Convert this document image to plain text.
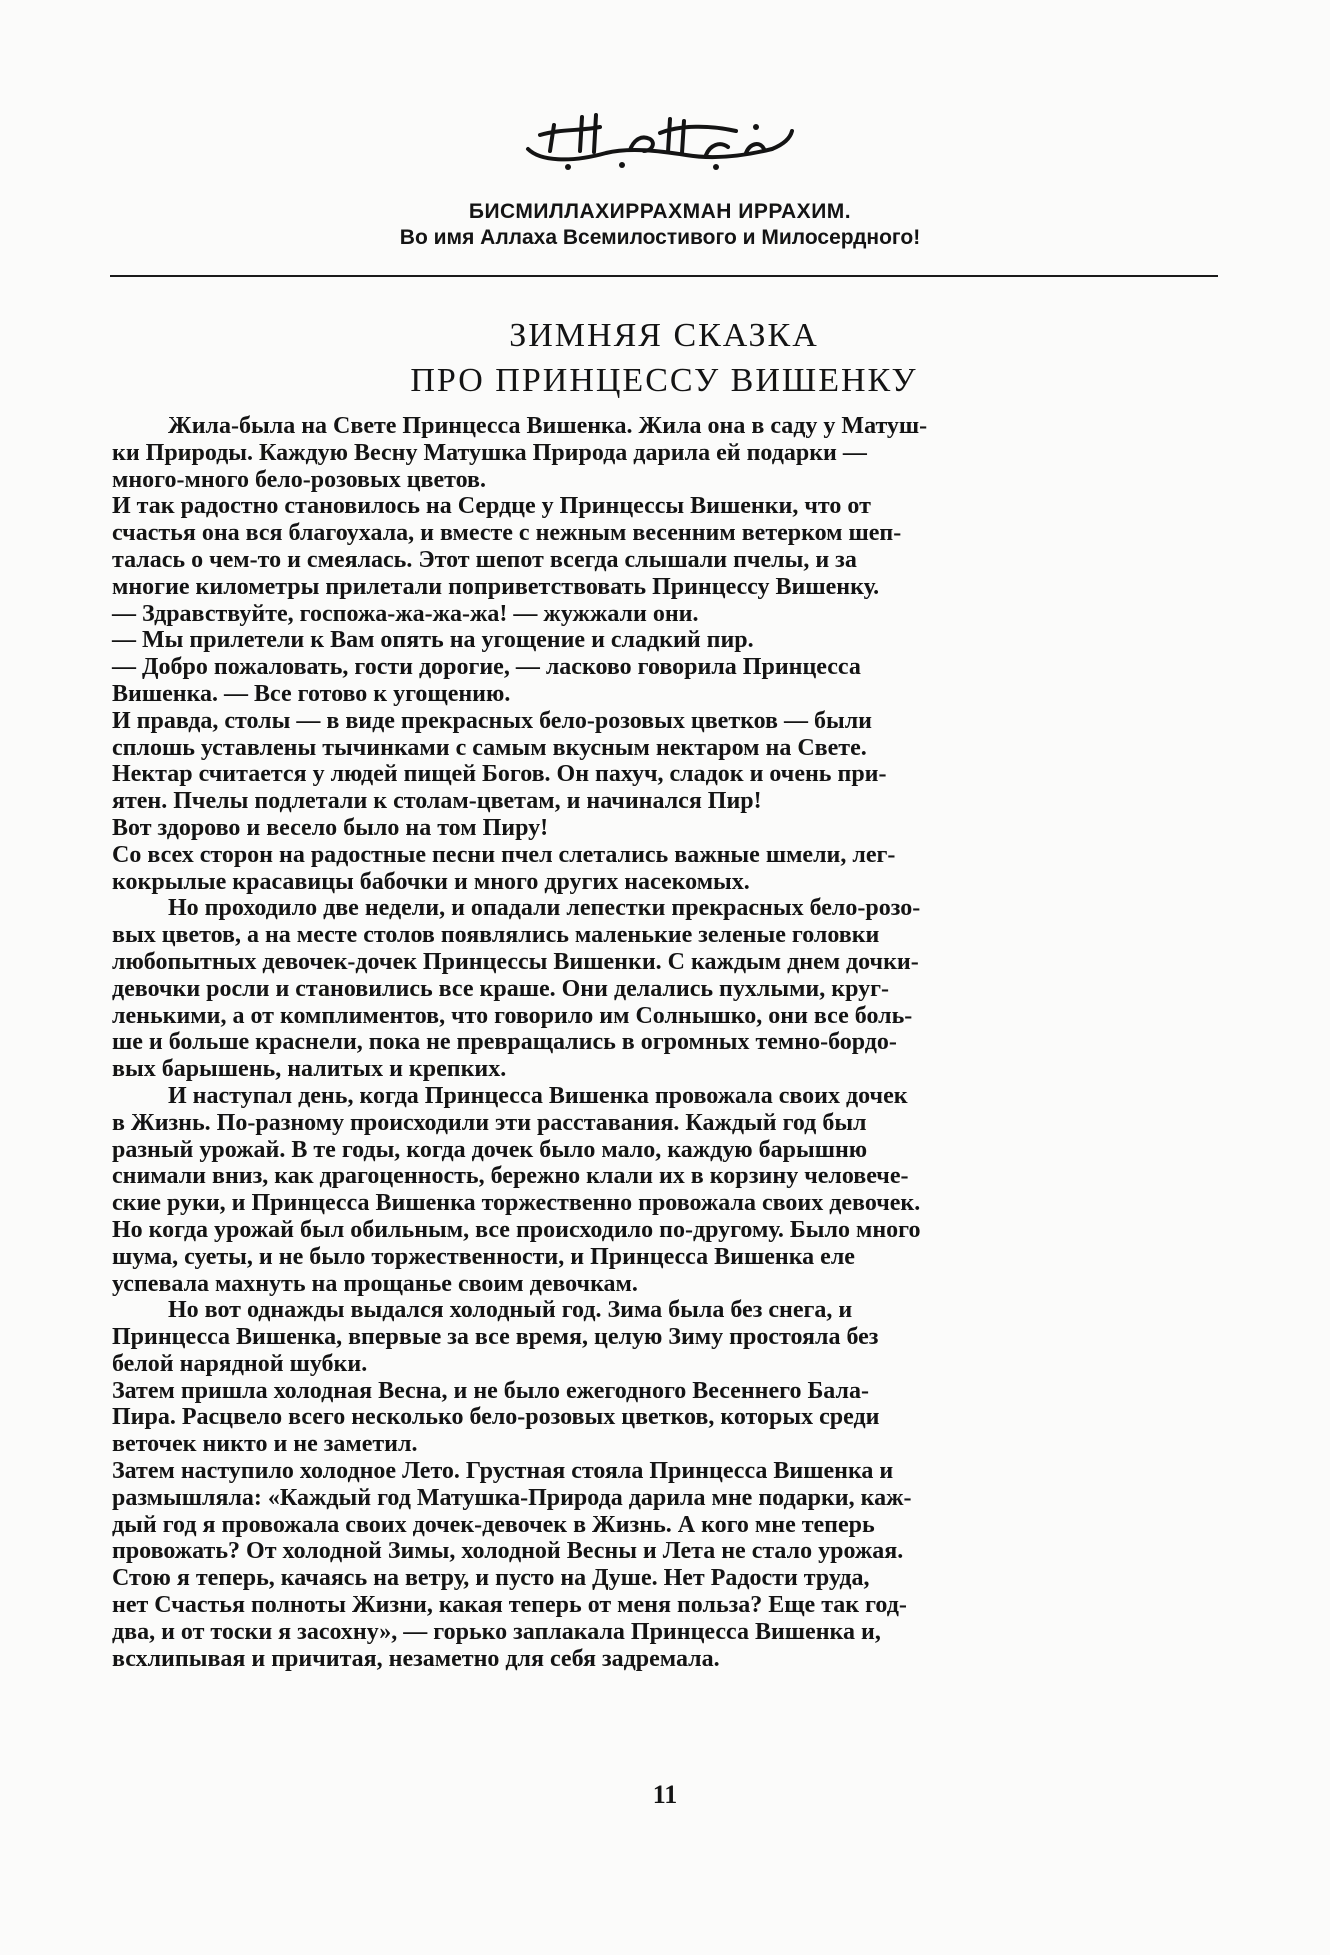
БИСМИЛЛАХИРРАХМАН ИРРАХИМ.
Во имя Аллаха Всемилостивого и Милосердного!
ЗИМНЯЯ СКАЗКА
ПРО ПРИНЦЕССУ ВИШЕНКУ

Жила-была на Свете Принцесса Вишенка. Жила она в саду у Матуш-
ки Природы. Каждую Весну Матушка Природа дарила ей подарки —
много-много бело-розовых цветов.

И так радостно становилось на Сердце у Принцессы Вишенки, что от
счастья она вся благоухала, и вместе с нежным весенним ветерком шеп-
талась о чем-то и смеялась. Этот шепот всегда слышали пчелы, и за
многие километры прилетали поприветствовать Принцессу Вишенку.

— Здравствуйте, госпожа-жа-жа-жа! — жужжали они.

— Мы прилетели к Вам опять на угощение и сладкий пир.

— Добро пожаловать, гости дорогие, — ласково говорила Принцесса
Вишенка. — Все готово к угощению.

И правда, столы — в виде прекрасных бело-розовых цветков — были
сплошь уставлены тычинками с самым вкусным нектаром на Свете.
Нектар считается у людей пищей Богов. Он пахуч, сладок и очень при-
ятен. Пчелы подлетали к столам-цветам, и начинался Пир!

Вот здорово и весело было на том Пиру!

Со всех сторон на радостные песни пчел слетались важные шмели, лег-
кокрылые красавицы бабочки и много других насекомых.

Но проходило две недели, и опадали лепестки прекрасных бело-розо-
вых цветов, а на месте столов появлялись маленькие зеленые головки
любопытных девочек-дочек Принцессы Вишенки. С каждым днем дочки-
девочки росли и становились все краше. Они делались пухлыми, круг-
ленькими, а от комплиментов, что говорило им Солнышко, они все боль-
ше и больше краснели, пока не превращались в огромных темно-бордо-
вых барышень, налитых и крепких.

И наступал день, когда Принцесса Вишенка провожала своих дочек
в Жизнь. По-разному происходили эти расставания. Каждый год был
разный урожай. В те годы, когда дочек было мало, каждую барышню
снимали вниз, как драгоценность, бережно клали их в корзину человече-
ские руки, и Принцесса Вишенка торжественно провожала своих девочек.
Но когда урожай был обильным, все происходило по-другому. Было много
шума, суеты, и не было торжественности, и Принцесса Вишенка еле
успевала махнуть на прощанье своим девочкам.

Но вот однажды выдался холодный год. Зима была без снега, и
Принцесса Вишенка, впервые за все время, целую Зиму простояла без
белой нарядной шубки.

Затем пришла холодная Весна, и не было ежегодного Весеннего Бала-
Пира. Расцвело всего несколько бело-розовых цветков, которых среди
веточек никто и не заметил.

Затем наступило холодное Лето. Грустная стояла Принцесса Вишенка и
размышляла: «Каждый год Матушка-Природа дарила мне подарки, каж-
дый год я провожала своих дочек-девочек в Жизнь. А кого мне теперь
провожать? От холодной Зимы, холодной Весны и Лета не стало урожая.
Стою я теперь, качаясь на ветру, и пусто на Душе. Нет Радости труда,
нет Счастья полноты Жизни, какая теперь от меня польза? Еще так год-
два, и от тоски я засохну», — горько заплакала Принцесса Вишенка и,
всхлипывая и причитая, незаметно для себя задремала.

11
